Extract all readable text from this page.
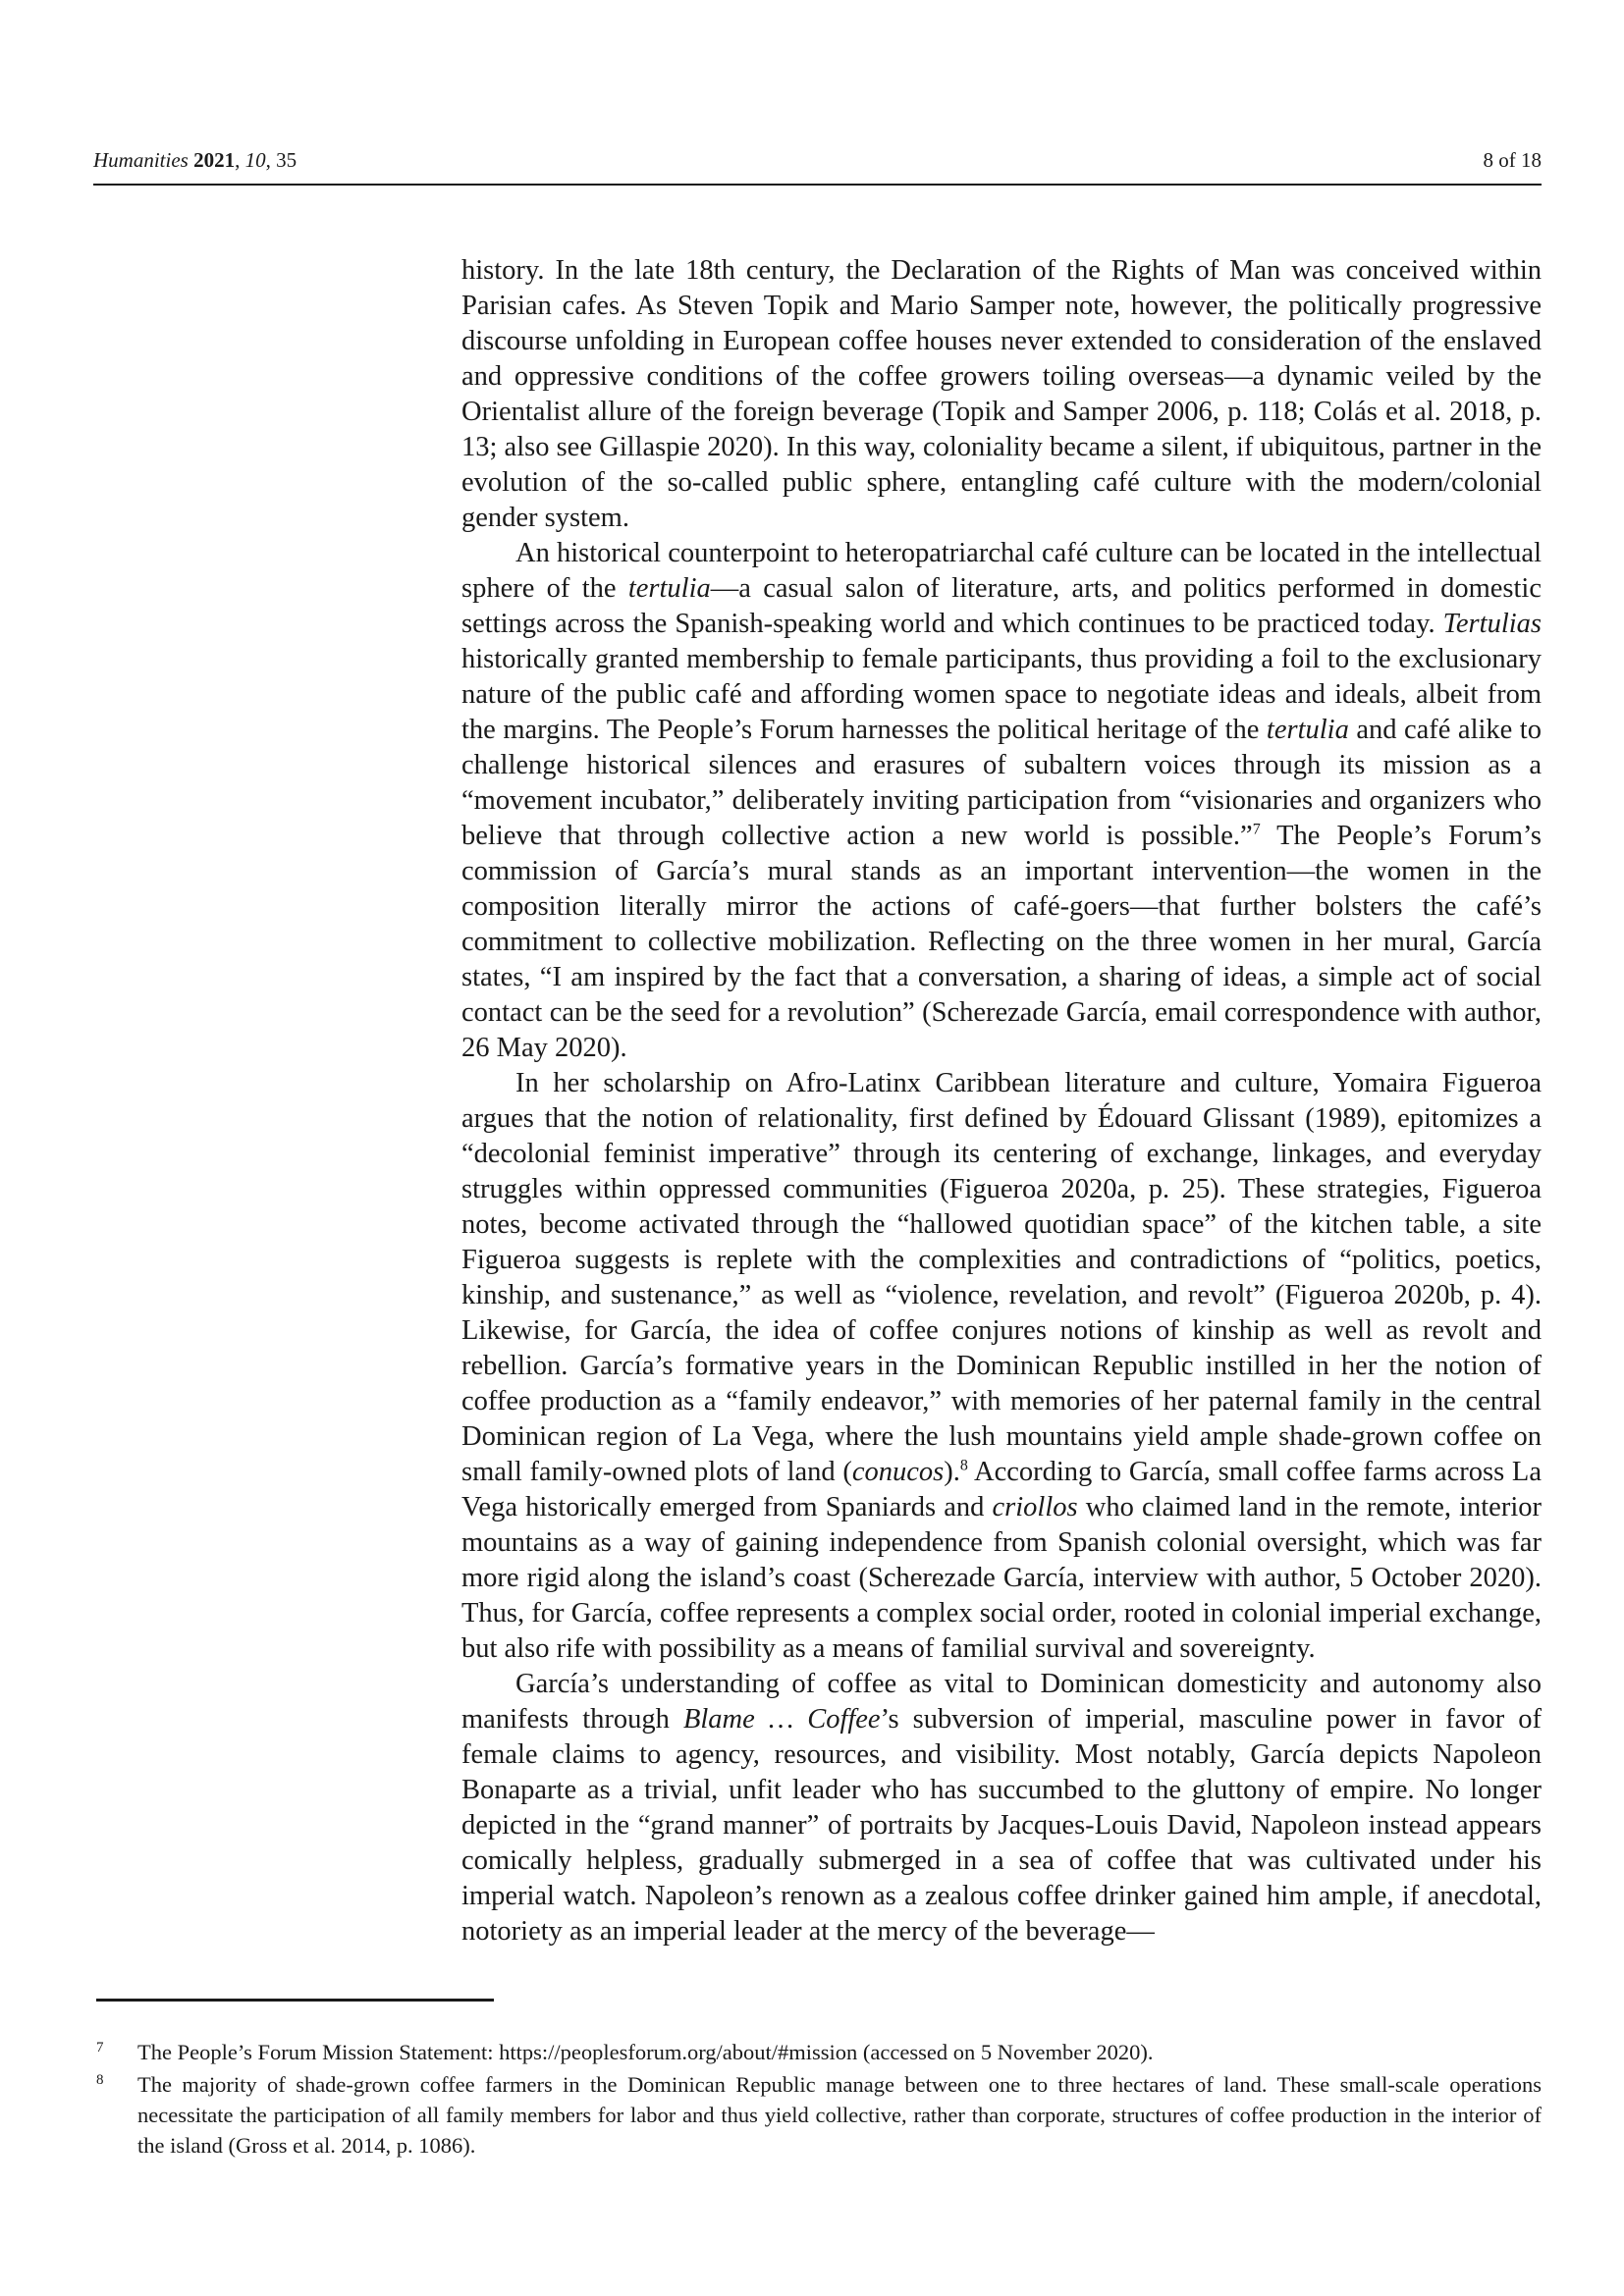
Humanities 2021, 10, 35	8 of 18

history. In the late 18th century, the Declaration of the Rights of Man was conceived within Parisian cafes. As Steven Topik and Mario Samper note, however, the politically progressive discourse unfolding in European coffee houses never extended to consideration of the enslaved and oppressive conditions of the coffee growers toiling overseas—a dynamic veiled by the Orientalist allure of the foreign beverage (Topik and Samper 2006, p. 118; Colás et al. 2018, p. 13; also see Gillaspie 2020). In this way, coloniality became a silent, if ubiquitous, partner in the evolution of the so-called public sphere, entangling café culture with the modern/colonial gender system.

An historical counterpoint to heteropatriarchal café culture can be located in the intellectual sphere of the tertulia—a casual salon of literature, arts, and politics performed in domestic settings across the Spanish-speaking world and which continues to be practiced today. Tertulias historically granted membership to female participants, thus providing a foil to the exclusionary nature of the public café and affording women space to negotiate ideas and ideals, albeit from the margins. The People’s Forum harnesses the political heritage of the tertulia and café alike to challenge historical silences and erasures of subaltern voices through its mission as a “movement incubator,” deliberately inviting participation from “visionaries and organizers who believe that through collective action a new world is possible.”$^7$ The People’s Forum’s commission of García’s mural stands as an important intervention—the women in the composition literally mirror the actions of café-goers—that further bolsters the café’s commitment to collective mobilization. Reflecting on the three women in her mural, García states, “I am inspired by the fact that a conversation, a sharing of ideas, a simple act of social contact can be the seed for a revolution” (Scherezade García, email correspondence with author, 26 May 2020).

In her scholarship on Afro-Latinx Caribbean literature and culture, Yomaira Figueroa argues that the notion of relationality, first defined by Édouard Glissant (1989), epitomizes a “decolonial feminist imperative” through its centering of exchange, linkages, and everyday struggles within oppressed communities (Figueroa 2020a, p. 25). These strategies, Figueroa notes, become activated through the “hallowed quotidian space” of the kitchen table, a site Figueroa suggests is replete with the complexities and contradictions of “politics, poetics, kinship, and sustenance,” as well as “violence, revelation, and revolt” (Figueroa 2020b, p. 4). Likewise, for García, the idea of coffee conjures notions of kinship as well as revolt and rebellion. García’s formative years in the Dominican Republic instilled in her the notion of coffee production as a “family endeavor,” with memories of her paternal family in the central Dominican region of La Vega, where the lush mountains yield ample shade-grown coffee on small family-owned plots of land (conucos).$^8$ According to García, small coffee farms across La Vega historically emerged from Spaniards and criollos who claimed land in the remote, interior mountains as a way of gaining independence from Spanish colonial oversight, which was far more rigid along the island’s coast (Scherezade García, interview with author, 5 October 2020). Thus, for García, coffee represents a complex social order, rooted in colonial imperial exchange, but also rife with possibility as a means of familial survival and sovereignty.

García’s understanding of coffee as vital to Dominican domesticity and autonomy also manifests through Blame … Coffee’s subversion of imperial, masculine power in favor of female claims to agency, resources, and visibility. Most notably, García depicts Napoleon Bonaparte as a trivial, unfit leader who has succumbed to the gluttony of empire. No longer depicted in the “grand manner” of portraits by Jacques-Louis David, Napoleon instead appears comically helpless, gradually submerged in a sea of coffee that was cultivated under his imperial watch. Napoleon’s renown as a zealous coffee drinker gained him ample, if anecdotal, notoriety as an imperial leader at the mercy of the beverage—

7 The People’s Forum Mission Statement: https://peoplesforum.org/about/#mission (accessed on 5 November 2020).
8 The majority of shade-grown coffee farmers in the Dominican Republic manage between one to three hectares of land. These small-scale operations necessitate the participation of all family members for labor and thus yield collective, rather than corporate, structures of coffee production in the interior of the island (Gross et al. 2014, p. 1086).
